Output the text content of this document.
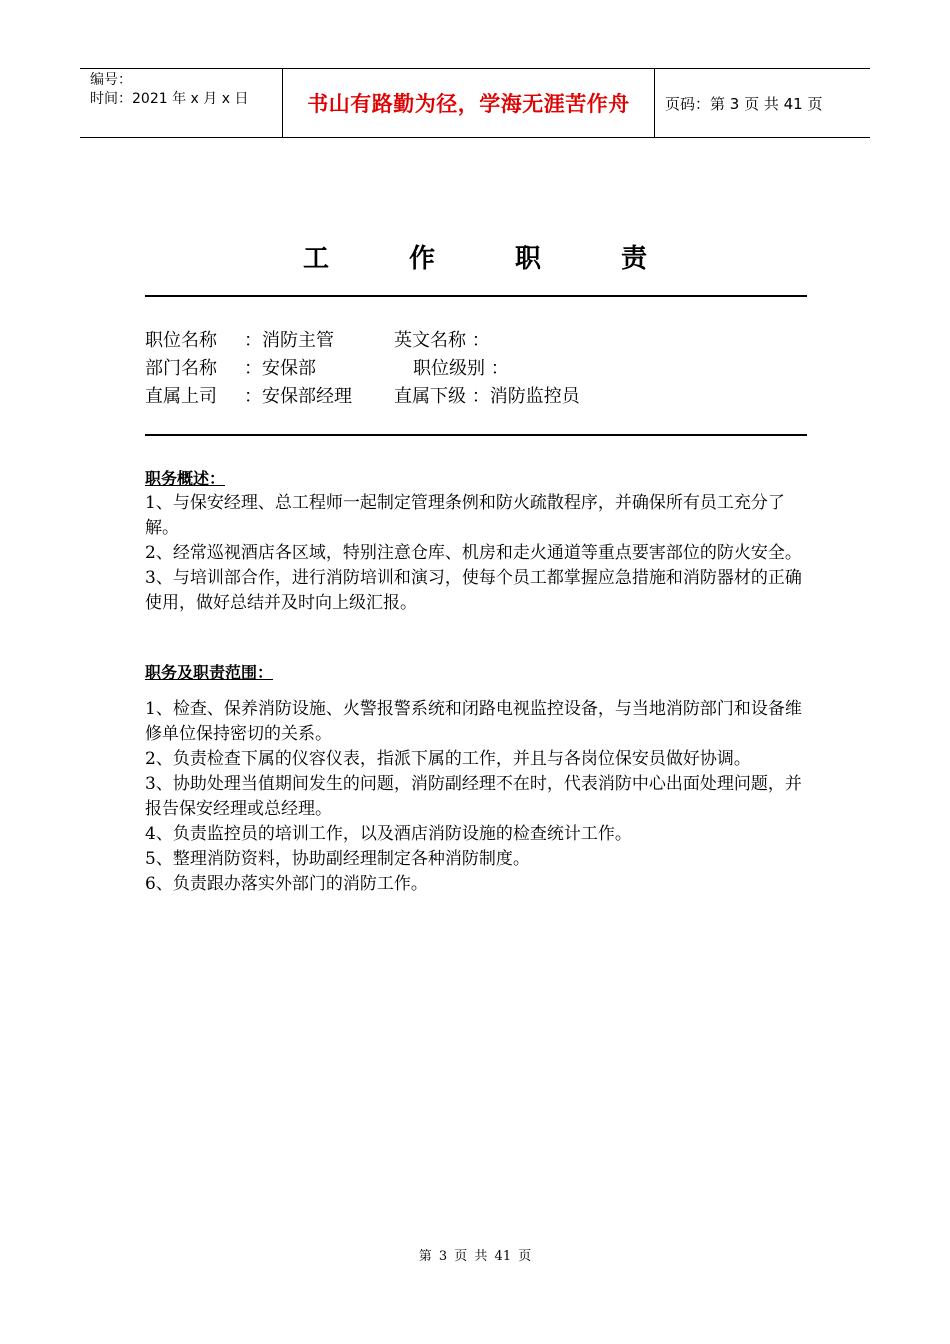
编号：
时间：2021 年 x 月 x 日	书山有路勤为径，学海无涯苦作舟	页码：第 3 页 共 41 页
工	作	职	责
职位名称 ：消防主管	英文名称 ：
部门名称 ：安保部	职位级别 ：
直属上司 ：安保部经理 直属下级 ：消防监控员
职务概述：

1、与保安经理、总工程师一起制定管理条例和防火疏散程序，并确保所有员工充分了解。

2、经常巡视酒店各区域，特别注意仓库、机房和走火通道等重点要害部位的防火安全。

3、与培训部合作，进行消防培训和演习，使每个员工都掌握应急措施和消防器材的正确使用，做好总结并及时向上级汇报。

职务及职责范围：

1、检查、保养消防设施、火警报警系统和闭路电视监控设备，与当地消防部门和设备维修单位保持密切的关系。

2、负责检查下属的仪容仪表，指派下属的工作，并且与各岗位保安员做好协调。

3、协助处理当值期间发生的问题，消防副经理不在时，代表消防中心出面处理问题，并报告保安经理或总经理。

4、负责监控员的培训工作，以及酒店消防设施的检查统计工作。

5、整理消防资料，协助副经理制定各种消防制度。

6、负责跟办落实外部门的消防工作。

第 3 页 共 41 页
